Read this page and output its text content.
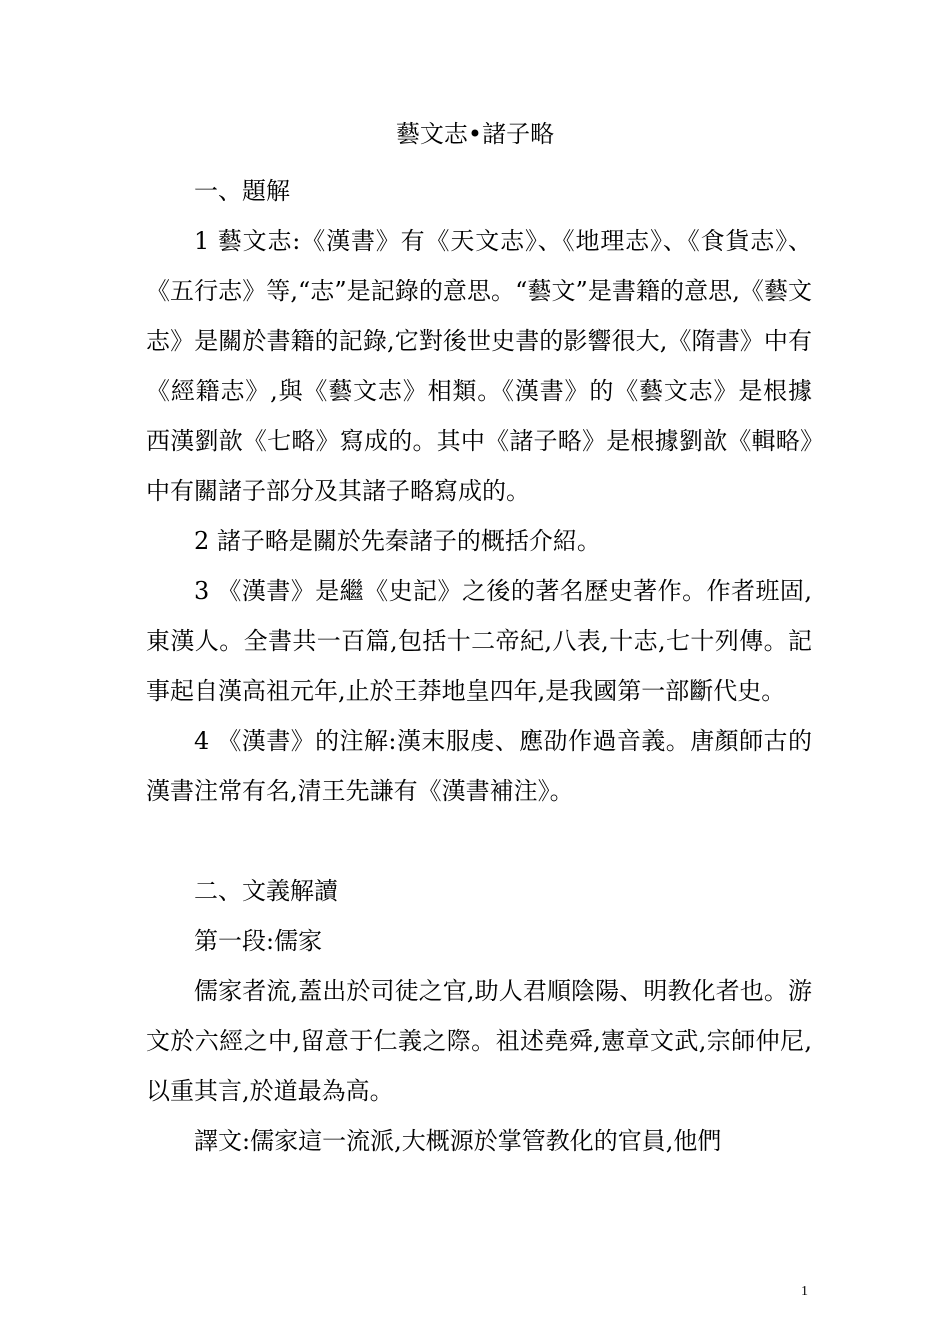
藝文志•諸子略

一、題解

1 藝文志:《漢書》有《天文志》、《地理志》、《食貨志》、《五行志》等,“志”是記錄的意思。“藝文”是書籍的意思,《藝文志》是關於書籍的記錄,它對後世史書的影響很大,《隋書》中有《經籍志》,與《藝文志》相類。《漢書》的《藝文志》是根據西漢劉歆《七略》寫成的。其中《諸子略》是根據劉歆《輯略》中有關諸子部分及其諸子略寫成的。

2 諸子略是關於先秦諸子的概括介紹。

3 《漢書》是繼《史記》之後的著名歷史著作。作者班固,東漢人。全書共一百篇,包括十二帝紀,八表,十志,七十列傳。記事起自漢高祖元年,止於王莽地皇四年,是我國第一部斷代史。

4 《漢書》的注解:漢末服虔、應劭作過音義。唐顏師古的漢書注常有名,清王先謙有《漢書補注》。

二、文義解讀

第一段:儒家

儒家者流,蓋出於司徒之官,助人君順陰陽、明教化者也。游文於六經之中,留意于仁義之際。祖述堯舜,憲章文武,宗師仲尼,以重其言,於道最為高。

譯文:儒家這一流派,大概源於掌管教化的官員,他們

1
